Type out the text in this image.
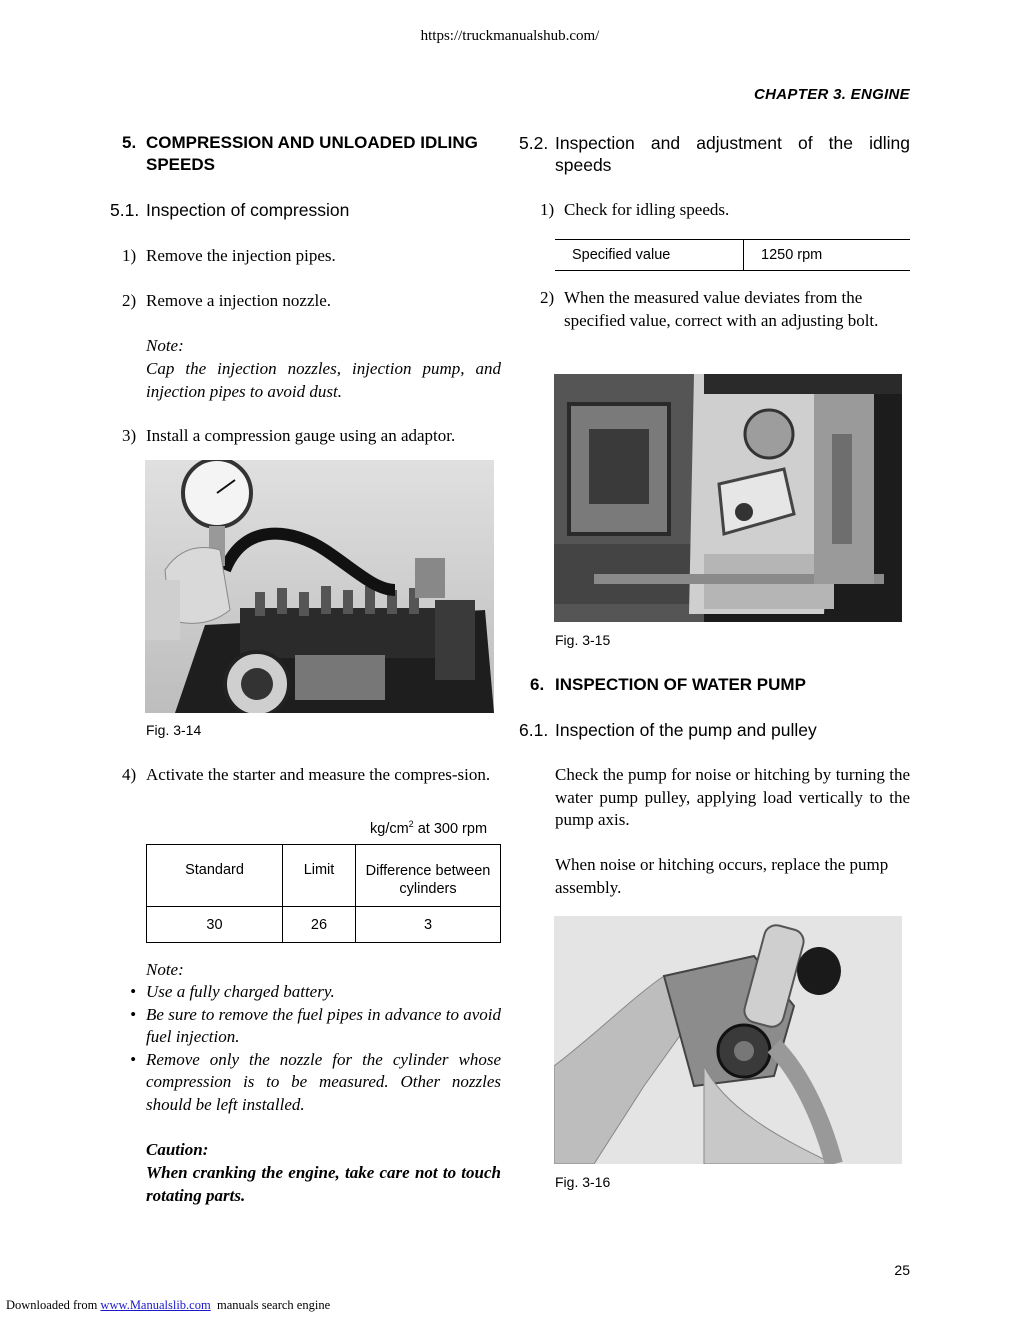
https://truckmanualshub.com/
CHAPTER 3. ENGINE
5. COMPRESSION AND UNLOADED IDLING
SPEEDS
5.1. Inspection of compression
1) Remove the injection pipes.
2) Remove a injection nozzle.
Note:
Cap the injection nozzles, injection pump, and injection pipes to avoid dust.
3) Install a compression gauge using an adaptor.
Fig. 3-14
4) Activate the starter and measure the compres-sion.
$kg/cm^2$ at 300 rpm
Standard	Limit	Difference between cylinders

30	26	3
Note:
• Use a fully charged battery.
• Be sure to remove the fuel pipes in advance to avoid fuel injection.
• Remove only the nozzle for the cylinder whose compression is to be measured. Other nozzles should be left installed.
Caution:
When cranking the engine, take care not to touch rotating parts.
5.2. Inspection and adjustment of the idling
speeds
1) Check for idling speeds.
Specified value	1250 rpm
2) When the measured value deviates from the specified value, correct with an adjusting bolt.
Fig. 3-15
6. INSPECTION OF WATER PUMP
6.1. Inspection of the pump and pulley
Check the pump for noise or hitching by turning the water pump pulley, applying load vertically to the pump axis.
When noise or hitching occurs, replace the pump assembly.
Fig. 3-16
25
Downloaded from www.Manualslib.com  manuals search engine
